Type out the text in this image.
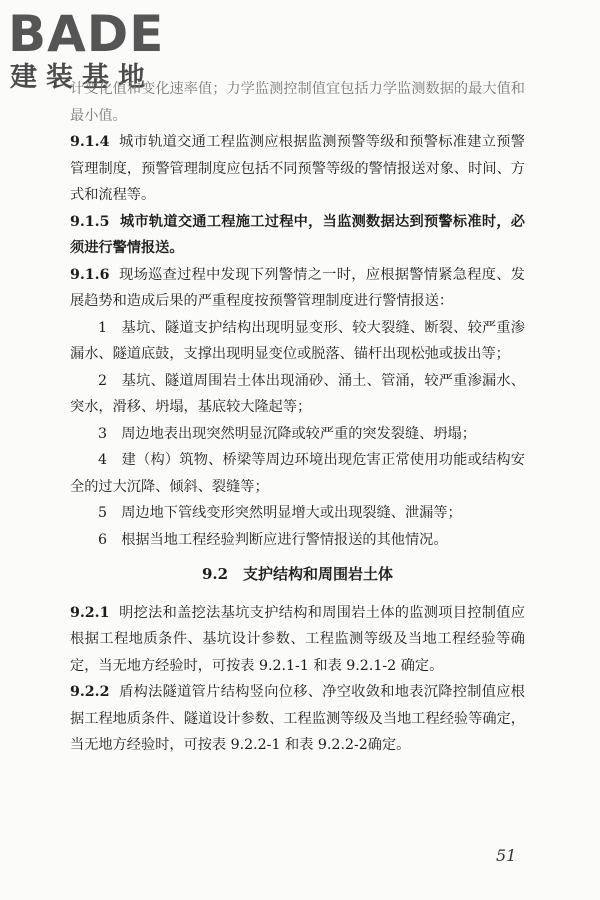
BADE
建装基地

计变化值和变化速率值；力学监测控制值宜包括力学监测数据的最大值和最小值。

9.1.4 城市轨道交通工程监测应根据监测预警等级和预警标准建立预警管理制度，预警管理制度应包括不同预警等级的警情报送对象、时间、方式和流程等。

9.1.5 城市轨道交通工程施工过程中，当监测数据达到预警标准时，必须进行警情报送。

9.1.6 现场巡查过程中发现下列警情之一时，应根据警情紧急程度、发展趋势和造成后果的严重程度按预警管理制度进行警情报送：

1　基坑、隧道支护结构出现明显变形、较大裂缝、断裂、较严重渗漏水、隧道底鼓，支撑出现明显变位或脱落、锚杆出现松弛或拔出等；

2　基坑、隧道周围岩土体出现涌砂、涌土、管涌，较严重渗漏水、突水，滑移、坍塌，基底较大隆起等；

3　周边地表出现突然明显沉降或较严重的突发裂缝、坍塌；

4　建（构）筑物、桥梁等周边环境出现危害正常使用功能或结构安全的过大沉降、倾斜、裂缝等；

5　周边地下管线变形突然明显增大或出现裂缝、泄漏等；

6　根据当地工程经验判断应进行警情报送的其他情况。

9.2　支护结构和周围岩土体

9.2.1 明挖法和盖挖法基坑支护结构和周围岩土体的监测项目控制值应根据工程地质条件、基坑设计参数、工程监测等级及当地工程经验等确定，当无地方经验时，可按表 9.2.1-1 和表 9.2.1-2 确定。

9.2.2 盾构法隧道管片结构竖向位移、净空收敛和地表沉降控制值应根据工程地质条件、隧道设计参数、工程监测等级及当地工程经验等确定，当无地方经验时，可按表 9.2.2-1 和表 9.2.2-2确定。

51
